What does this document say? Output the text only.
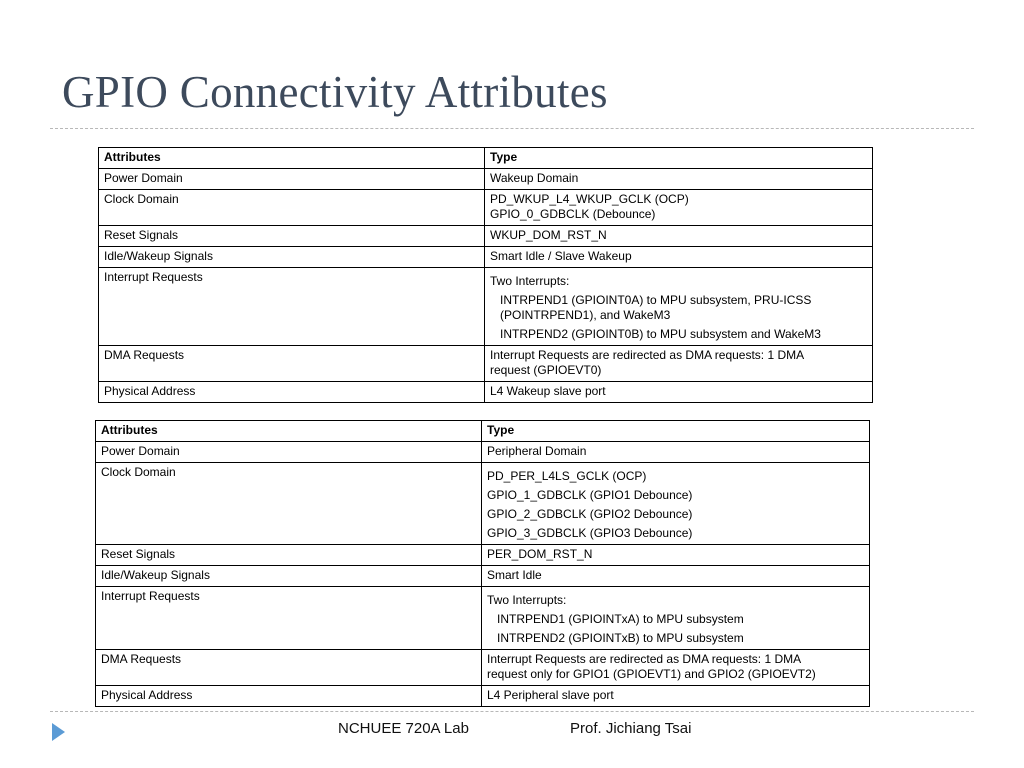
GPIO Connectivity Attributes
Attributes	Type
Power Domain	Wakeup Domain

Clock Domain	PD_WKUP_L4_WKUP_GCLK (OCP)
GPIO_0_GDBCLK (Debounce)

Reset Signals	WKUP_DOM_RST_N

Idle/Wakeup Signals	Smart Idle / Slave Wakeup

Interrupt Requests	Two Interrupts:
INTRPEND1 (GPIOINT0A) to MPU subsystem, PRU-ICSS
(POINTRPEND1), and WakeM3
INTRPEND2 (GPIOINT0B) to MPU subsystem and WakeM3

DMA Requests	Interrupt Requests are redirected as DMA requests: 1 DMA
request (GPIOEVT0)

Physical Address	L4 Wakeup slave port
Attributes	Type
Power Domain	Peripheral Domain

Clock Domain	PD_PER_L4LS_GCLK (OCP)
GPIO_1_GDBCLK (GPIO1 Debounce)
GPIO_2_GDBCLK (GPIO2 Debounce)
GPIO_3_GDBCLK (GPIO3 Debounce)

Reset Signals	PER_DOM_RST_N

Idle/Wakeup Signals	Smart Idle

Interrupt Requests	Two Interrupts:
INTRPEND1 (GPIOINTxA) to MPU subsystem
INTRPEND2 (GPIOINTxB) to MPU subsystem

DMA Requests	Interrupt Requests are redirected as DMA requests: 1 DMA
request only for GPIO1 (GPIOEVT1) and GPIO2 (GPIOEVT2)

Physical Address	L4 Peripheral slave port
NCHUEE 720A Lab	Prof. Jichiang Tsai
